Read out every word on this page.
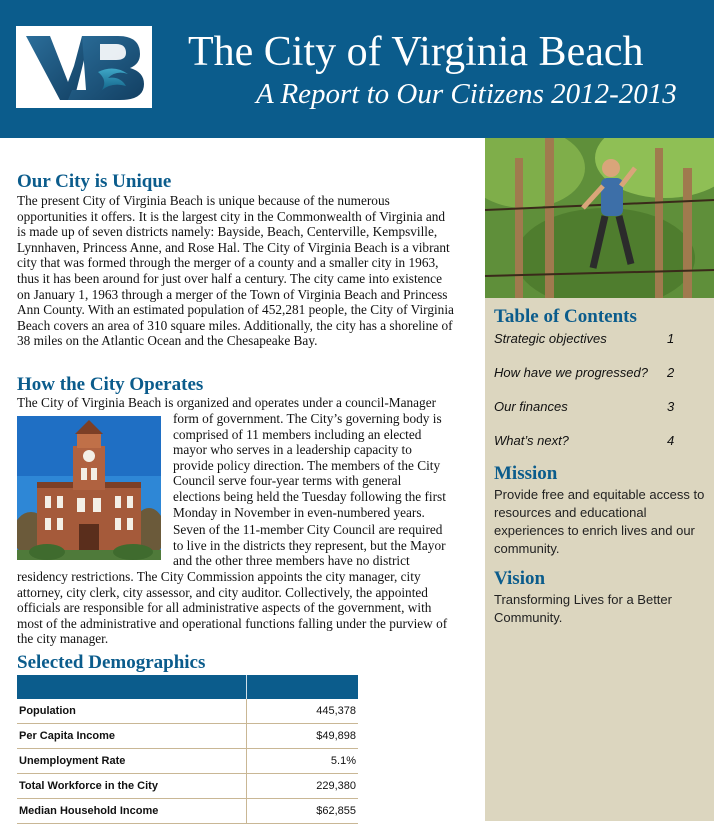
The City of Virginia Beach
A Report to Our Citizens 2012-2013
Our City is Unique
The present City of Virginia Beach is unique because of the numerous opportunities it offers. It is the largest city in the Commonwealth of Virginia and is made up of seven districts namely: Bayside, Beach, Centerville, Kempsville, Lynnhaven, Princess Anne, and Rose Hal. The City of Virginia Beach is a vibrant city that was formed through the merger of a county and a smaller city in 1963, thus it has been around for just over half a century. The city came into existence on January 1, 1963 through a merger of the Town of Virginia Beach and Princess Ann County. With an estimated population of 452,281 people, the City of Virginia Beach covers an area of 310 square miles. Additionally, the city has a shoreline of 38 miles on the Atlantic Ocean and the Chesapeake Bay.
How the City Operates
The City of Virginia Beach is organized and operates under a council-Manager
form of government. The City’s governing body is comprised of 11 members including an elected mayor who serves in a leadership capacity to provide policy direction. The members of the City Council serve four-year terms with general elections being held the Tuesday following the first Monday in November in even-numbered years.
Seven of the 11-member City Council are required to live in the districts they represent, but the Mayor and the other three members have no district
residency restrictions. The City Commission appoints the city manager, city attorney, city clerk, city assessor, and city auditor. Collectively, the appointed officials are responsible for all administrative aspects of the government, with most of the administrative and operational functions falling under the purview of the city manager.
Selected Demographics

Population	445,378
Per Capita Income	$49,898
Unemployment Rate	5.1%
Total Workforce in the City	229,380
Median Household Income	$62,855
Table of Contents
Strategic objectives	1
How have we progressed? 2
Our finances	3
What’s next?	4
Mission
Provide free and equitable access to resources and educational experiences to enrich lives and our community.
Vision
Transforming Lives for a Better Community.
